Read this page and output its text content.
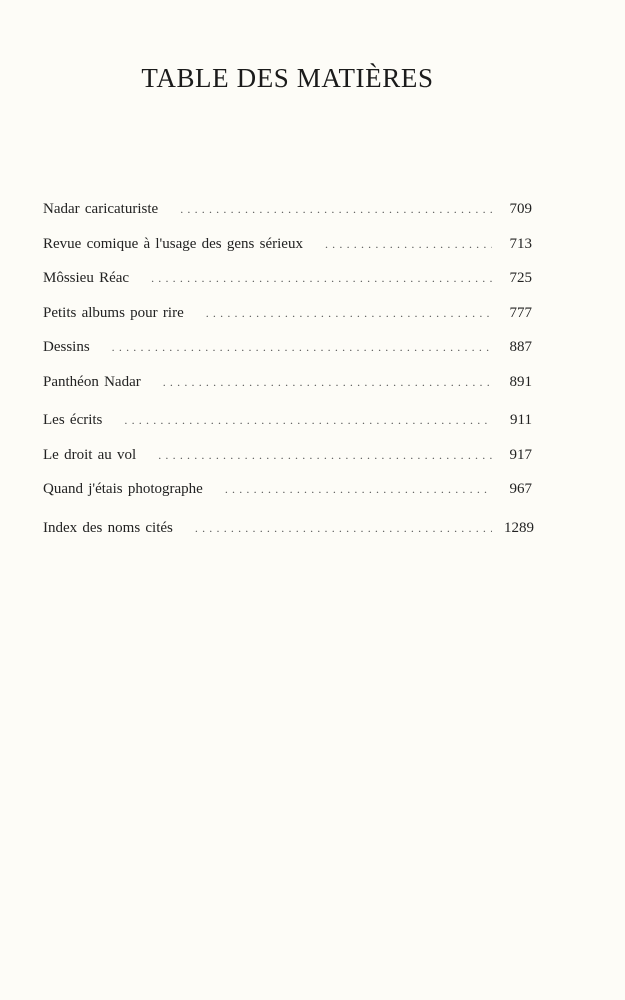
TABLE DES MATIÈRES
Nadar caricaturiste . . .	709
Revue comique à l'usage des gens sérieux . . .	713
Môssieu Réac . . .	725
Petits albums pour rire . . .	777
Dessins . . .	887
Panthéon Nadar . . .	891
Les écrits . . .	911
Le droit au vol . . .	917
Quand j'étais photographe . . .	967
Index des noms cités . . .	1289
